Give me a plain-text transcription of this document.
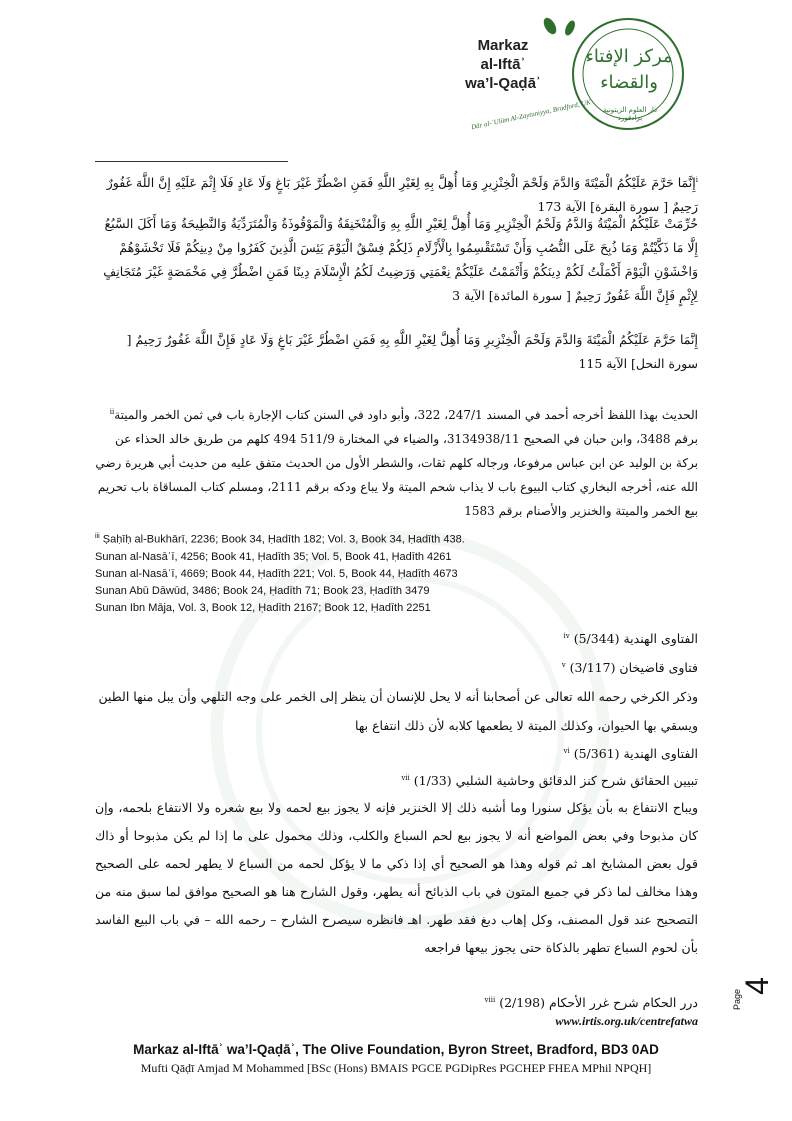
Markaz
al-Iftāʾ
wa’l-Qaḍāʾ
Dār al-ʿUlūm Al-Zaytuniyya, Bradford, UK
مركز الإفتاء والقضاء
دار العلوم الزيتونية برادفورد
$^i$إِنَّمَا حَرَّمَ عَلَيْكُمُ الْمَيْتَةَ وَالدَّمَ وَلَحْمَ الْخِنْزِيرِ وَمَا أُهِلَّ بِهِ لِغَيْرِ اللَّهِ فَمَنِ اضْطُرَّ غَيْرَ بَاغٍ وَلَا عَادٍ فَلَا إِثْمَ عَلَيْهِ إِنَّ اللَّهَ غَفُورٌ
رَحِيمٌ [ سورة البقرة] الآية 173
حُرِّمَتْ عَلَيْكُمُ الْمَيْتَةُ وَالدَّمُ وَلَحْمُ الْخِنْزِيرِ وَمَا أُهِلَّ لِغَيْرِ اللَّهِ بِهِ وَالْمُنْخَنِقَةُ وَالْمَوْقُوذَةُ وَالْمُتَرَدِّيَةُ وَالنَّطِيحَةُ وَمَا أَكَلَ السَّبُعُ إِلَّا مَا ذَكَّيْتُمْ وَمَا ذُبِحَ عَلَى النُّصُبِ وَأَنْ تَسْتَقْسِمُوا بِالْأَزْلَامِ ذَلِكُمْ فِسْقٌ الْيَوْمَ يَئِسَ الَّذِينَ كَفَرُوا مِنْ دِينِكُمْ فَلَا تَخْشَوْهُمْ وَاخْشَوْنِ الْيَوْمَ أَكْمَلْتُ لَكُمْ دِينَكُمْ وَأَتْمَمْتُ عَلَيْكُمْ نِعْمَتِي وَرَضِيتُ لَكُمُ الْإِسْلَامَ دِينًا فَمَنِ اضْطُرَّ فِي مَخْمَصَةٍ غَيْرَ مُتَجَانِفٍ لِإِثْمٍ فَإِنَّ اللَّهَ غَفُورٌ رَحِيمٌ [ سورة المائدة] الآية 3
إِنَّمَا حَرَّمَ عَلَيْكُمُ الْمَيْتَةَ وَالدَّمَ وَلَحْمَ الْخِنْزِيرِ وَمَا أُهِلَّ لِغَيْرِ اللَّهِ بِهِ فَمَنِ اضْطُرَّ غَيْرَ بَاغٍ وَلَا عَادٍ فَإِنَّ اللَّهَ غَفُورٌ رَحِيمٌ [ سورة النحل] الآية 115
$^{ii}$الحديث بهذا اللفظ أخرجه أحمد في المسند 247/1، 322، وأبو داود في السنن كتاب الإجارة باب في ثمن الخمر والميتة برقم 3488، وابن حبان في الصحيح 3134938/11، والضياء في المختارة 511/9 494 كلهم من طريق خالد الحذاء عن بركة بن الوليد عن ابن عباس مرفوعا، ورجاله كلهم ثقات، والشطر الأول من الحديث متفق عليه من حديث أبي هريرة رضي الله عنه، أخرجه البخاري كتاب البيوع باب لا يذاب شحم الميتة ولا يباع ودكه برقم 2111، ومسلم كتاب المساقاة باب تحريم بيع الخمر والميتة والخنزير والأصنام برقم 1583
$^{iii}$ Ṣaḥīḥ al-Bukhārī, 2236; Book 34, Ḥadīth 182; Vol. 3, Book 34, Ḥadīth 438.
Sunan al-Nasāʾī, 4256; Book 41, Ḥadīth 35; Vol. 5, Book 41, Ḥadīth 4261
Sunan al-Nasāʾī, 4669; Book 44, Ḥadīth 221; Vol. 5, Book 44, Ḥadīth 4673
Sunan Abū Dāwūd, 3486; Book 24, Ḥadīth 71; Book 23, Ḥadīth 3479
Sunan Ibn Māja, Vol. 3, Book 12, Ḥadīth 2167; Book 12, Ḥadīth 2251
$^{iv}$ الفتاوى الهندية (5/344)
$^v$ فتاوى قاضيخان (3/117)
وذكر الكرخي رحمه الله تعالى عن أصحابنا أنه لا يحل للإنسان أن ينظر إلى الخمر على وجه التلهي وأن يبل منها الطين ويسقي بها الحيوان، وكذلك الميتة لا يطعمها كلابه لأن ذلك انتفاع بها
$^{vi}$ الفتاوى الهندية (5/361)
$^{vii}$ تبيين الحقائق شرح كنز الدقائق وحاشية الشلبي (1/33)
ويباح الانتفاع به بأن يؤكل سنورا وما أشبه ذلك إلا الخنزير فإنه لا يجوز بيع لحمه ولا بيع شعره ولا الانتفاع بلحمه، وإن كان مذبوحا وفي بعض المواضع أنه لا يجوز بيع لحم السباع والكلب، وذلك محمول على ما إذا لم يكن مذبوحا أو ذاك قول بعض المشايخ اهـ ثم قوله وهذا هو الصحيح أي إذا ذكي ما لا يؤكل لحمه من السباع لا يطهر لحمه على الصحيح وهذا مخالف لما ذكر في جميع المتون في باب الذبائح أنه يطهر، وقول الشارح هنا هو الصحيح موافق لما سبق منه من التصحيح عند قول المصنف، وكل إهاب دبغ فقد طهر. اهـ فانظره سيصرح الشارح – رحمه الله – في باب البيع الفاسد بأن لحوم السباع تطهر بالذكاة حتى يجوز بيعها فراجعه
$^{viii}$ درر الحكام شرح غرر الأحكام (2/198)
www.irtis.org.uk/centrefatwa
4
Page
Markaz al-Iftāʾ wa’l-Qaḍāʾ, The Olive Foundation, Byron Street, Bradford, BD3 0AD
Mufti Qāḍī Amjad M Mohammed [BSc (Hons) BMAIS PGCE PGDipRes PGCHEP FHEA MPhil NPQH]
